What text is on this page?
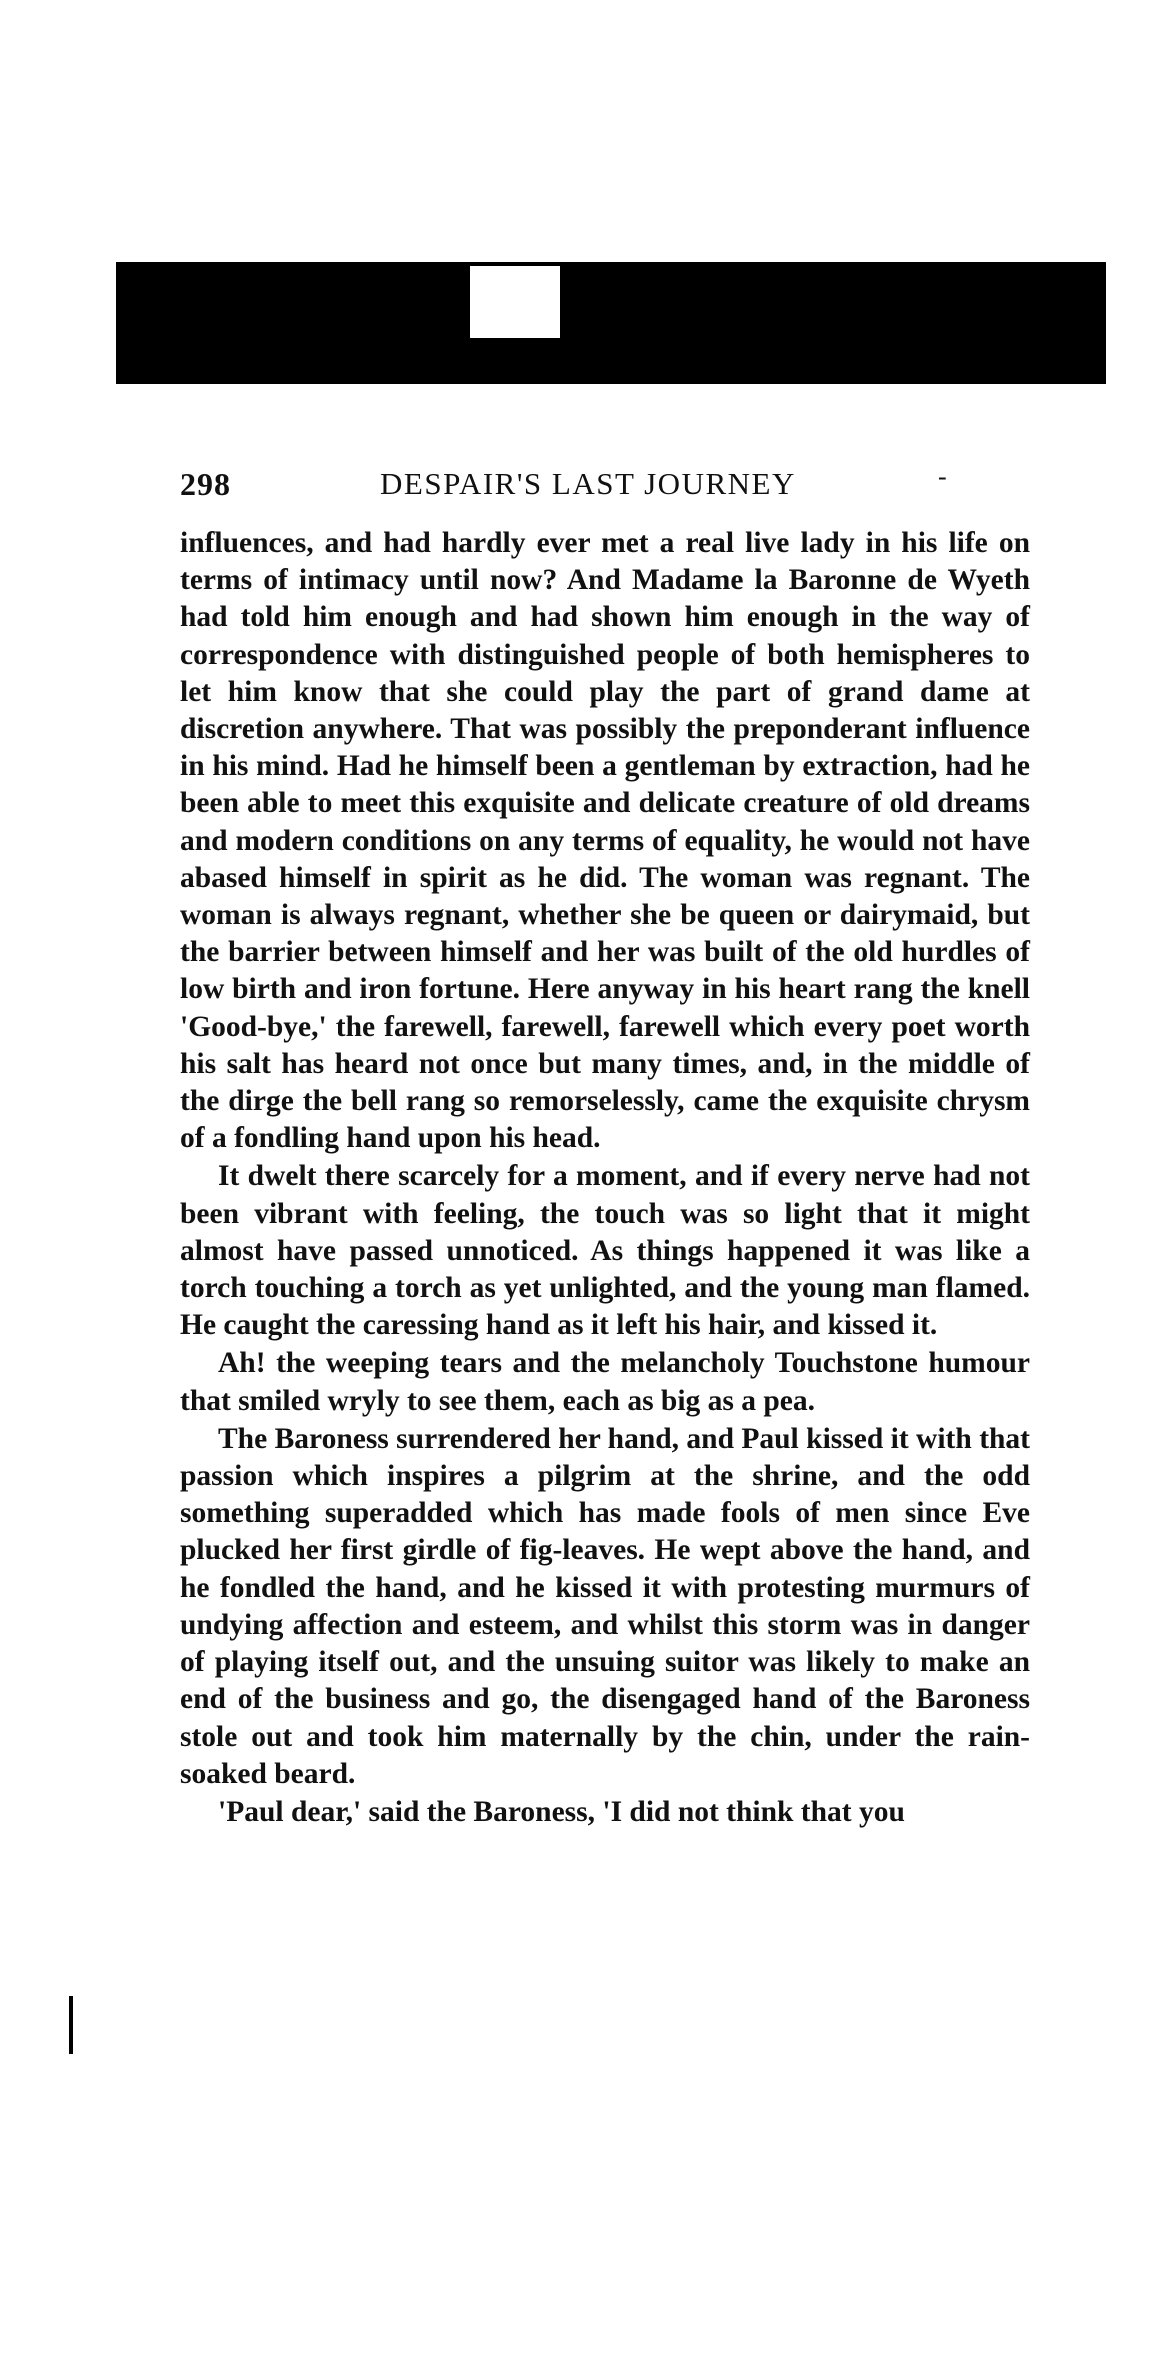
298	DESPAIR'S LAST JOURNEY	-

influences, and had hardly ever met a real live lady in his life on terms of intimacy until now? And Madame la Baronne de Wyeth had told him enough and had shown him enough in the way of correspondence with distinguished people of both hemispheres to let him know that she could play the part of grand dame at discretion anywhere. That was possibly the preponderant influence in his mind. Had he himself been a gentleman by extraction, had he been able to meet this exquisite and delicate creature of old dreams and modern conditions on any terms of equality, he would not have abased himself in spirit as he did. The woman was regnant. The woman is always regnant, whether she be queen or dairymaid, but the barrier between himself and her was built of the old hurdles of low birth and iron fortune. Here anyway in his heart rang the knell 'Good-bye,' the farewell, farewell, farewell which every poet worth his salt has heard not once but many times, and, in the middle of the dirge the bell rang so remorselessly, came the exquisite chrysm of a fondling hand upon his head.

It dwelt there scarcely for a moment, and if every nerve had not been vibrant with feeling, the touch was so light that it might almost have passed unnoticed. As things happened it was like a torch touching a torch as yet unlighted, and the young man flamed. He caught the caressing hand as it left his hair, and kissed it.

Ah! the weeping tears and the melancholy Touchstone humour that smiled wryly to see them, each as big as a pea.

The Baroness surrendered her hand, and Paul kissed it with that passion which inspires a pilgrim at the shrine, and the odd something superadded which has made fools of men since Eve plucked her first girdle of fig-leaves. He wept above the hand, and he fondled the hand, and he kissed it with protesting murmurs of undying affection and esteem, and whilst this storm was in danger of playing itself out, and the unsuing suitor was likely to make an end of the business and go, the disengaged hand of the Baroness stole out and took him maternally by the chin, under the rain-soaked beard.

'Paul dear,' said the Baroness, 'I did not think that you
